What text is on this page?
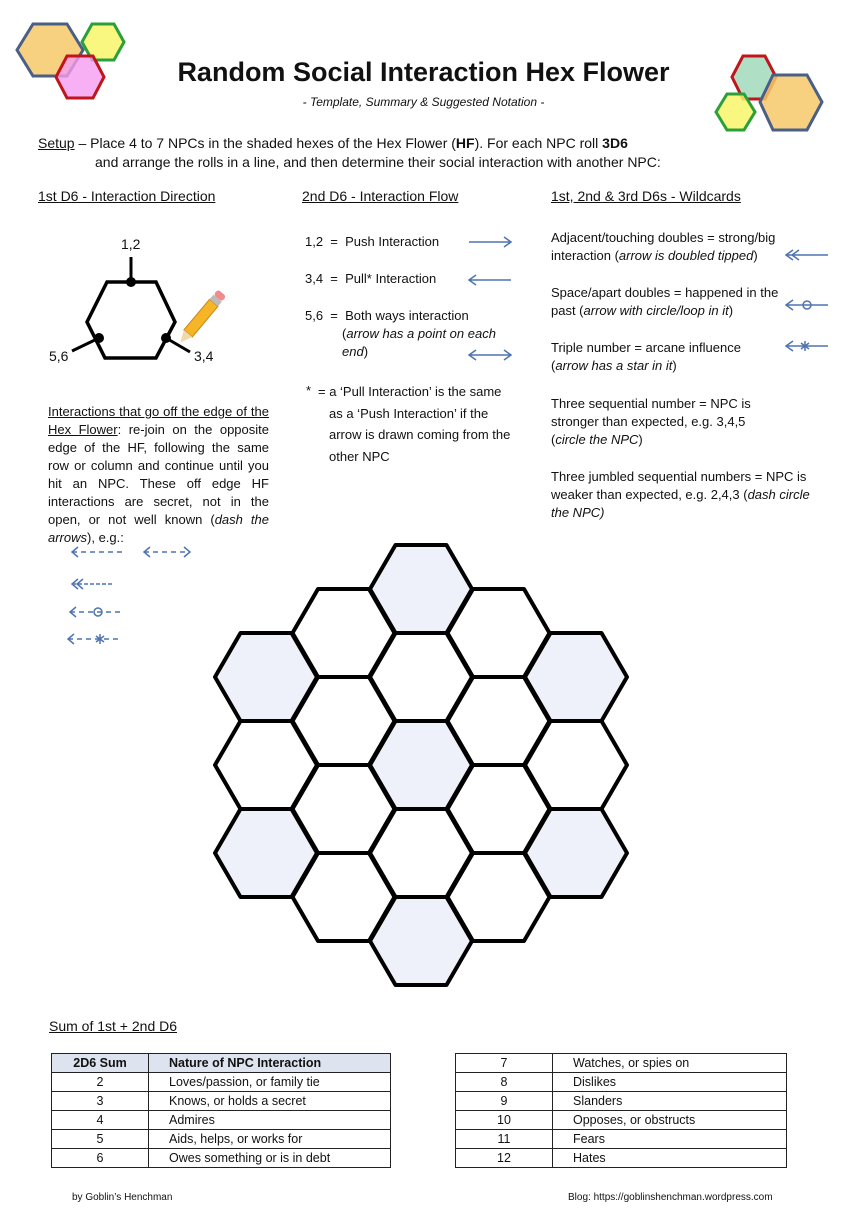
Random Social Interaction Hex Flower
- Template, Summary & Suggested Notation -
Setup – Place 4 to 7 NPCs in the shaded hexes of the Hex Flower (HF). For each NPC roll 3D6
and arrange the rolls in a line, and then determine their social interaction with another NPC:
1st D6 - Interaction Direction	2nd D6 - Interaction Flow	1st, 2nd & 3rd D6s - Wildcards
1,2
5,6	3,4
Interactions that go off the edge of the Hex Flower: re-join on the opposite edge of the HF, following the same row or column and continue until you hit an NPC. These off edge HF interactions are secret, not in the open, or not well known (dash the arrows), e.g.:
1,2  =  Push Interaction
3,4  =  Pull* Interaction
5,6  =  Both ways interaction
(arrow has a point on each end)
* = a ‘Pull Interaction’ is the same as a ‘Push Interaction’ if the arrow is drawn coming from the other NPC
Adjacent/touching doubles = strong/big interaction (arrow is doubled tipped)
Space/apart doubles = happened in the past (arrow with circle/loop in it)
Triple number = arcane influence (arrow has a star in it)
Three sequential number = NPC is stronger than expected, e.g. 3,4,5 (circle the NPC)
Three jumbled sequential numbers = NPC is weaker than expected, e.g. 2,4,3 (dash circle the NPC)
Sum of 1st + 2nd D6
2D6 Sum	Nature of NPC Interaction
2	Loves/passion, or family tie
3	Knows, or holds a secret
4	Admires
5	Aids, helps, or works for
6	Owes something or is in debt
7	Watches, or spies on
8	Dislikes
9	Slanders
10	Opposes, or obstructs
11	Fears
12	Hates
by Goblin’s Henchman	Blog: https://goblinshenchman.wordpress.com
